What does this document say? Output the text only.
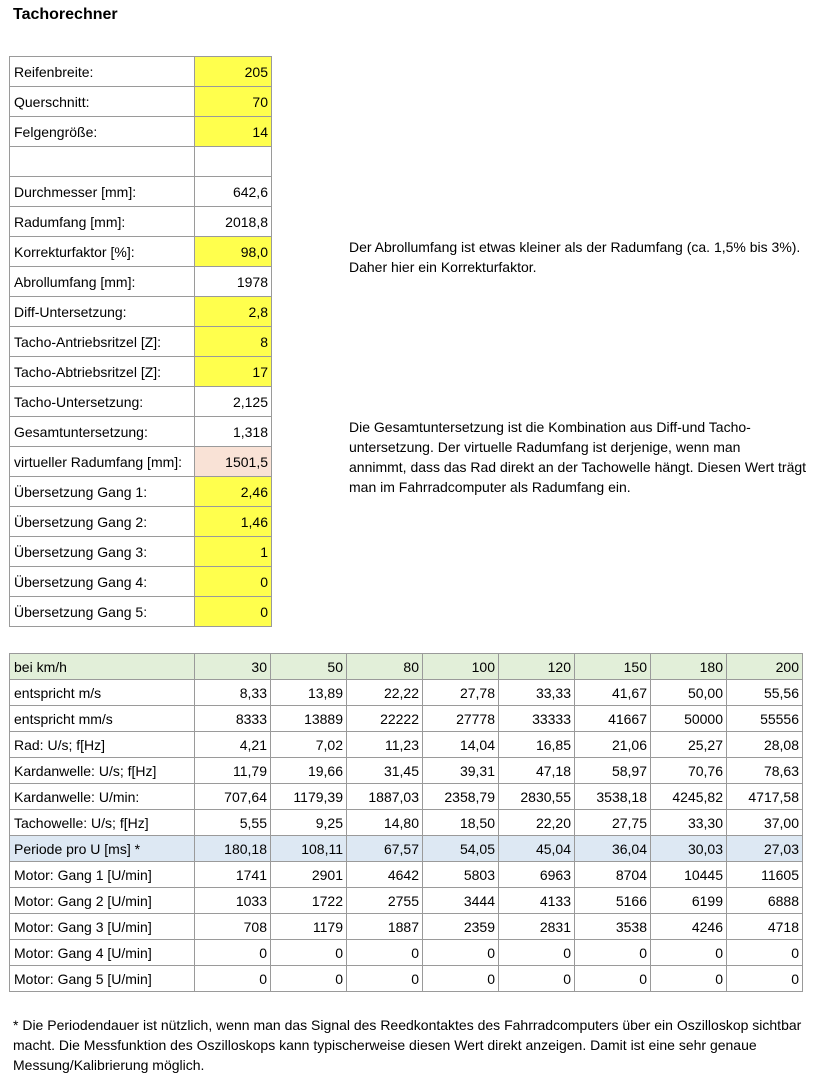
Tachorechner
Reifenbreite:	205
Querschnitt:	70
Felgengröße:	14

Durchmesser [mm]:	642,6
Radumfang [mm]:	2018,8
Korrekturfaktor [%]:	98,0
Abrollumfang [mm]:	1978
Diff-Untersetzung:	2,8
Tacho-Antriebsritzel [Z]:	8
Tacho-Abtriebsritzel [Z]:	17
Tacho-Untersetzung:	2,125
Gesamtuntersetzung:	1,318
virtueller Radumfang [mm]:	1501,5
Übersetzung Gang 1:	2,46
Übersetzung Gang 2:	1,46
Übersetzung Gang 3:	1
Übersetzung Gang 4:	0
Übersetzung Gang 5:	0
Der Abrollumfang ist etwas kleiner als der Radumfang (ca. 1,5% bis 3%).
Daher hier ein Korrekturfaktor.
Die Gesamtuntersetzung ist die Kombination aus Diff-und Tacho-
untersetzung. Der virtuelle Radumfang ist derjenige, wenn man
annimmt, dass das Rad direkt an der Tachowelle hängt. Diesen Wert trägt
man im Fahrradcomputer als Radumfang ein.
bei km/h	30	50	80	100	120	150	180	200
entspricht m/s	8,33	13,89	22,22	27,78	33,33	41,67	50,00	55,56
entspricht mm/s	8333	13889	22222	27778	33333	41667	50000	55556
Rad: U/s; f[Hz]	4,21	7,02	11,23	14,04	16,85	21,06	25,27	28,08
Kardanwelle: U/s; f[Hz]	11,79	19,66	31,45	39,31	47,18	58,97	70,76	78,63
Kardanwelle: U/min:	707,64	1179,39	1887,03	2358,79	2830,55	3538,18	4245,82	4717,58
Tachowelle: U/s; f[Hz]	5,55	9,25	14,80	18,50	22,20	27,75	33,30	37,00
Periode pro U [ms] *	180,18	108,11	67,57	54,05	45,04	36,04	30,03	27,03
Motor: Gang 1 [U/min]	1741	2901	4642	5803	6963	8704	10445	11605
Motor: Gang 2 [U/min]	1033	1722	2755	3444	4133	5166	6199	6888
Motor: Gang 3 [U/min]	708	1179	1887	2359	2831	3538	4246	4718
Motor: Gang 4 [U/min]	0	0	0	0	0	0	0	0
Motor: Gang 5 [U/min]	0	0	0	0	0	0	0	0
* Die Periodendauer ist nützlich, wenn man das Signal des Reedkontaktes des Fahrradcomputers über ein Oszilloskop sichtbar
macht. Die Messfunktion des Oszilloskops kann typischerweise diesen Wert direkt anzeigen. Damit ist eine sehr genaue
Messung/Kalibrierung möglich.
